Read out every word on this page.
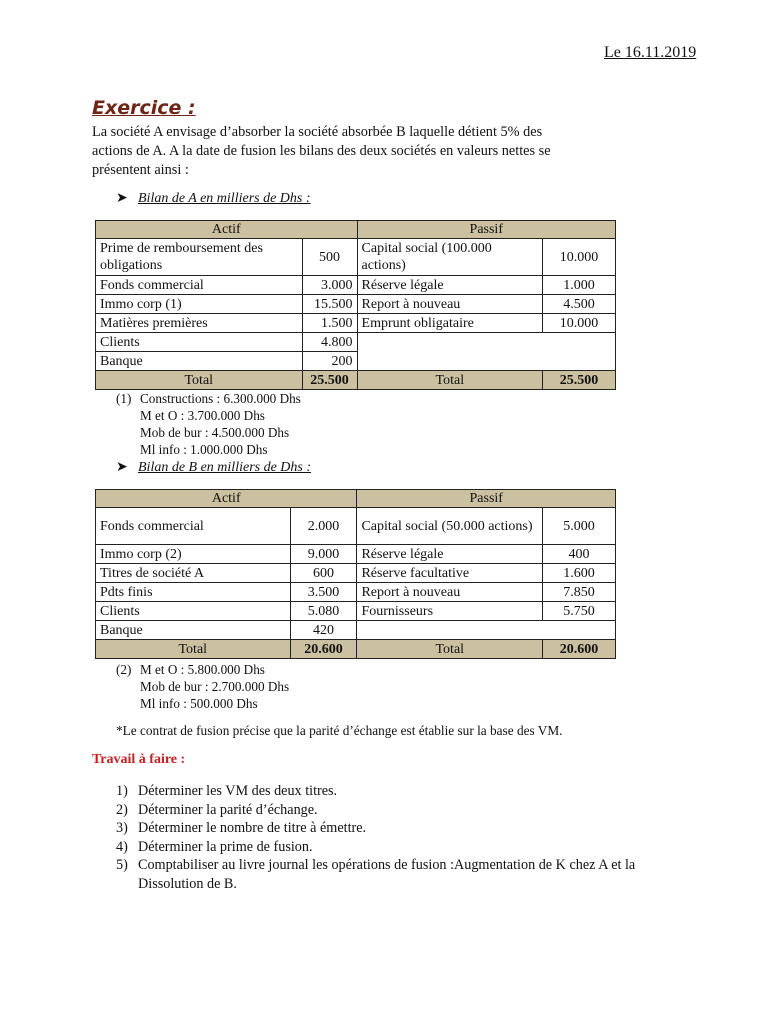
Le 16.11.2019
Exercice :
La société A envisage d’absorber la société absorbée B laquelle détient 5% des
actions de A. A la date de fusion les bilans des deux sociétés en valeurs nettes se
présentent ainsi :
➤ Bilan de A en milliers de Dhs :
Actif		Passif	
Prime de remboursement des obligations	500	Capital social (100.000 actions)	10.000
Fonds commercial	3.000	Réserve légale	1.000
Immo corp (1)	15.500	Report à nouveau	4.500
Matières premières	1.500	Emprunt obligataire	10.000
Clients	4.800		
Banque	200		
Total	25.500	Total	25.500
(1) Constructions : 6.300.000 Dhs
M et O : 3.700.000 Dhs
Mob de bur : 4.500.000 Dhs
Ml info : 1.000.000 Dhs
➤ Bilan de B en milliers de Dhs :
Actif		Passif	
Fonds commercial	2.000	Capital social (50.000 actions)	5.000
Immo corp (2)	9.000	Réserve légale	400
Titres de société A	600	Réserve facultative	1.600
Pdts finis	3.500	Report à nouveau	7.850
Clients	5.080	Fournisseurs	5.750
Banque	420		
Total	20.600	Total	20.600
(2) M et O : 5.800.000 Dhs
Mob de bur : 2.700.000 Dhs
Ml info : 500.000 Dhs
*Le contrat de fusion précise que la parité d’échange est établie sur la base des VM.
Travail à faire :
1) Déterminer les VM des deux titres.
2) Déterminer la parité d’échange.
3) Déterminer le nombre de titre à émettre.
4) Déterminer la prime de fusion.
5) Comptabiliser au livre journal les opérations de fusion :Augmentation de K chez A et la Dissolution de B.
